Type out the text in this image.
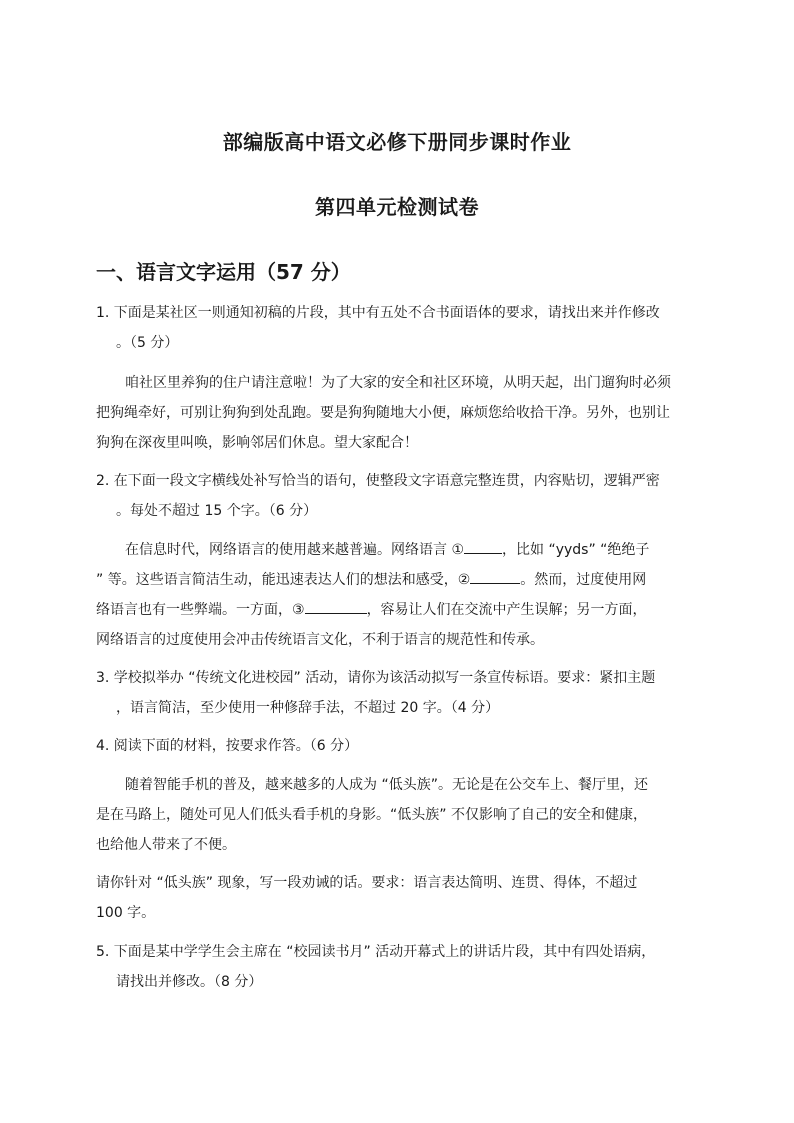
部编版高中语文必修下册同步课时作业
第四单元检测试卷
一、语言文字运用（57 分）
1. 下面是某社区一则通知初稿的片段，其中有五处不合书面语体的要求，请找出来并作修改
。（5 分）
咱社区里养狗的住户请注意啦！为了大家的安全和社区环境，从明天起，出门遛狗时必须
把狗绳牵好，可别让狗狗到处乱跑。要是狗狗随地大小便，麻烦您给收拾干净。另外，也别让
狗狗在深夜里叫唤，影响邻居们休息。望大家配合！
2. 在下面一段文字横线处补写恰当的语句，使整段文字语意完整连贯，内容贴切，逻辑严密
。每处不超过 15 个字。（6 分）
在信息时代，网络语言的使用越来越普遍。网络语言 ①	，比如 “yyds” “绝绝子
” 等。这些语言简洁生动，能迅速表达人们的想法和感受，②	。然而，过度使用网
络语言也有一些弊端。一方面，③	，容易让人们在交流中产生误解；另一方面，
网络语言的过度使用会冲击传统语言文化，不利于语言的规范性和传承。
3. 学校拟举办 “传统文化进校园” 活动，请你为该活动拟写一条宣传标语。要求：紧扣主题
，语言简洁，至少使用一种修辞手法，不超过 20 字。（4 分）
4. 阅读下面的材料，按要求作答。（6 分）
随着智能手机的普及，越来越多的人成为 “低头族”。无论是在公交车上、餐厅里，还
是在马路上，随处可见人们低头看手机的身影。“低头族” 不仅影响了自己的安全和健康，
也给他人带来了不便。
请你针对 “低头族” 现象，写一段劝诫的话。要求：语言表达简明、连贯、得体，不超过
100 字。
5. 下面是某中学学生会主席在 “校园读书月” 活动开幕式上的讲话片段，其中有四处语病，
请找出并修改。（8 分）
